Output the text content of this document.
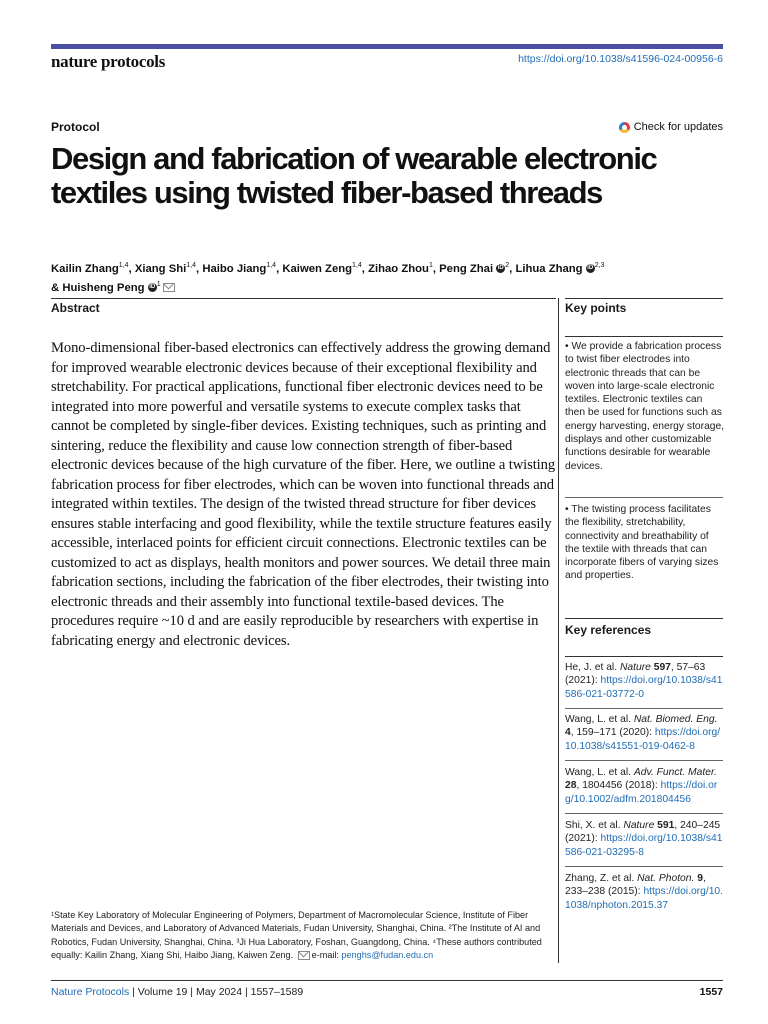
nature protocols	https://doi.org/10.1038/s41596-024-00956-6
Protocol	Check for updates
Design and fabrication of wearable electronic textiles using twisted fiber-based threads
Kailin Zhang$^{1,4}$, Xiang Shi$^{1,4}$, Haibo Jiang$^{1,4}$, Kaiwen Zeng$^{1,4}$, Zihao Zhou$^1$, Peng Zhai iD $^2$, Lihua Zhang iD $^{2,3}$
& Huisheng Peng iD $^1$
Abstract
Mono-dimensional fiber-based electronics can effectively address the growing demand for improved wearable electronic devices because of their exceptional flexibility and stretchability. For practical applications, functional fiber electronic devices need to be integrated into more powerful and versatile systems to execute complex tasks that cannot be completed by single-fiber devices. Existing techniques, such as printing and sintering, reduce the flexibility and cause low connection strength of fiber-based electronic devices because of the high curvature of the fiber. Here, we outline a twisting fabrication process for fiber electrodes, which can be woven into functional threads and integrated within textiles. The design of the twisted thread structure for fiber devices ensures stable interfacing and good flexibility, while the textile structure features easily accessible, interlaced points for efficient circuit connections. Electronic textiles can be customized to act as displays, health monitors and power sources. We detail three main fabrication sections, including the fabrication of the fiber electrodes, their twisting into electronic threads and their assembly into functional textile-based devices. The procedures require ~10 d and are easily reproducible by researchers with expertise in fabricating energy and electronic devices.
Key points
• We provide a fabrication process to twist fiber electrodes into electronic threads that can be woven into large-scale electronic textiles. Electronic textiles can then be used for functions such as energy harvesting, energy storage, displays and other customizable functions desirable for wearable devices.
• The twisting process facilitates the flexibility, stretchability, connectivity and breathability of the textile with threads that can incorporate fibers of varying sizes and properties.
Key references
He, J. et al. Nature 597, 57–63 (2021): https://doi.org/10.1038/s41586-021-03772-0
Wang, L. et al. Nat. Biomed. Eng. 4, 159–171 (2020): https://doi.org/10.1038/s41551-019-0462-8
Wang, L. et al. Adv. Funct. Mater. 28, 1804456 (2018): https://doi.org/10.1002/adfm.201804456
Shi, X. et al. Nature 591, 240–245 (2021): https://doi.org/10.1038/s41586-021-03295-8
Zhang, Z. et al. Nat. Photon. 9, 233–238 (2015): https://doi.org/10.1038/nphoton.2015.37
¹State Key Laboratory of Molecular Engineering of Polymers, Department of Macromolecular Science, Institute of Fiber Materials and Devices, and Laboratory of Advanced Materials, Fudan University, Shanghai, China. ²The Institute of AI and Robotics, Fudan University, Shanghai, China. ³Ji Hua Laboratory, Foshan, Guangdong, China. ⁴These authors contributed equally: Kailin Zhang, Xiang Shi, Haibo Jiang, Kaiwen Zeng. e-mail: penghs@fudan.edu.cn
Nature Protocols | Volume 19 | May 2024 | 1557–1589	1557
